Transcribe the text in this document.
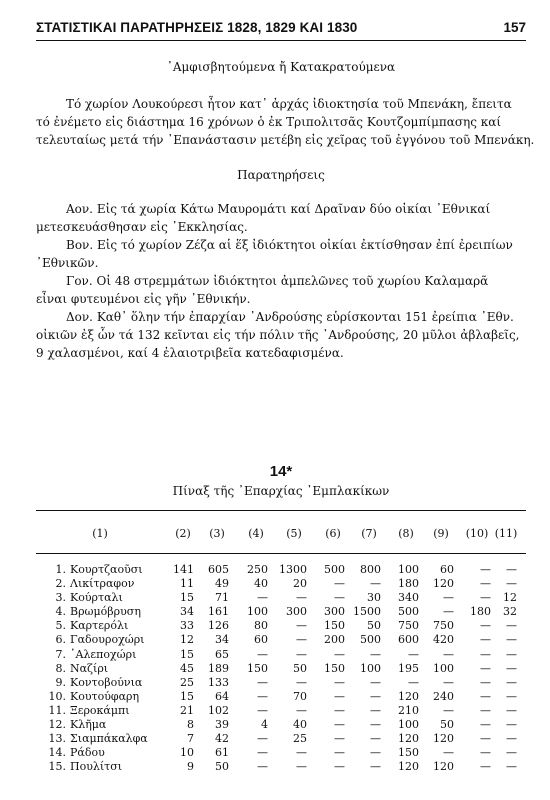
ΣΤΑΤΙΣΤΙΚΑΙ ΠΑΡΑΤΗΡΗΣΕΙΣ 1828, 1829 ΚΑΙ 1830	157
᾽Αμφισβητούμενα ἤ Κατακρατούμενα
Τό χωρίον Λουκούρεσι ἦτον κατ᾽ ἀρχάς ἰδιοκτησία τοῦ Μπενάκη, ἔπειτα
τό ἐνέμετο εἰς διάστημα 16 χρόνων ὁ ἐκ Τριπολιτσᾶς Κουτζομπίμπασης καί
τελευταίως μετά τήν ᾽Επανάστασιν μετέβη εἰς χεῖρας τοῦ ἐγγόνου τοῦ Μπενάκη.
Παρατηρήσεις
Αον. Εἰς τά χωρία Κάτω Μαυρομάτι καί Δραῖναν δύο οἰκίαι ᾽Εθνικαί
μετεσκευάσθησαν εἰς ᾽Εκκλησίας.
Βον. Εἰς τό χωρίον Ζέζα αἱ ἕξ ἰδιόκτητοι οἰκίαι ἐκτίσθησαν ἐπί ἐρειπίων
᾽Εθνικῶν.
Γον. Οἱ 48 στρεμμάτων ἰδιόκτητοι ἀμπελῶνες τοῦ χωρίου Καλαμαρᾶ
εἶναι φυτευμένοι εἰς γῆν ᾽Εθνικήν.
Δον. Καθ᾽ ὅλην τήν ἐπαρχίαν ᾽Ανδρούσης εὑρίσκονται 151 ἐρείπια ᾽Εθν.
οἰκιῶν ἐξ ὧν τά 132 κεῖνται εἰς τήν πόλιν τῆς ᾽Ανδρούσης, 20 μῦλοι ἀβλαβεῖς,
9 χαλασμένοι, καί 4 ἐλαιοτριβεῖα κατεδαφισμένα.
14*
Πίναξ τῆς ᾽Επαρχίας ᾽Εμπλακίκων
(1)	(2)	(3)	(4)	(5)	(6)	(7)	(8)	(9)	(10) (11)
1. Κουρτζαοῦσι	141	605	250	1300	500	800	100	60	—	—
2. Λικίτραφον	11	49	40	20	—	—	180	120	—	—
3. Κούρταλι	15	71	—	—	—	30	340	—	—	12
4. Βρωμόβρυση	34	161	100	300	300 1500	500	—	180	32
5. Καρτερόλι	33	126	80	—	150	50	750	750	—	—
6. Γαδουροχώρι	12	34	60	—	200	500	600	420	—	—
7. ᾽Αλεποχώρι	15	65	—	—	—	—	—	—	—	—
8. Ναζίρι	45	189	150	50	150	100	195	100	—	—
9. Κοντοβούνια	25	133	—	—	—	—	—	—	—	—
10. Κουτούφαρη	15	64	—	70	—	—	120	240	—	—
11. Ξεροκάμπι	21	102	—	—	—	—	210	—	—	—
12. Κλῆμα	8	39	4	40	—	—	100	50	—	—
13. Σιαμπάκαλφα	7	42	—	25	—	—	120	120	—	—
14. Ράδου	10	61	—	—	—	—	150	—	—	—
15. Πουλίτσι	9	50	—	—	—	—	120	120	—	—
